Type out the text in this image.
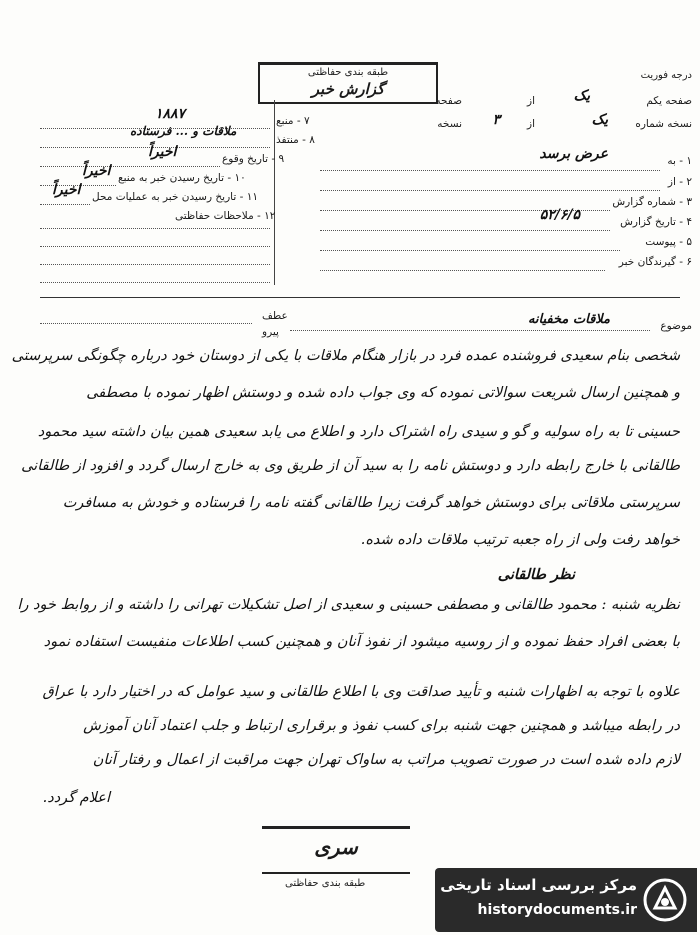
طبقه بندی حفاظتی
گزارش خبر
درجه فوریت
صفحه یکم
یک
از
صفحه
نسخه شماره
یک
از
۳
نسخه
۱ - به
عرض برسد
۲ - از
۳ - شماره گزارش
۴ - تاریخ گزارش
۵۲/۶/۵
۵ - پیوست
۶ - گیرندگان خبر
۷ - منبع
۱۸۸۷
۸ - منتفذ
ملاقات و ... فرستاده
۹ - تاریخ وقوع
اخیراً
۱۰ - تاریخ رسیدن خبر به منبع
اخیراً
۱۱ - تاریخ رسیدن خبر به عملیات محل
اخیراً
۱۲ - ملاحظات حفاظتی
موضوع
ملاقات مخفیانه
عطف
پیرو
شخصی بنام سعیدی فروشنده عمده فرد در بازار هنگام ملاقات با یکی از دوستان خود درباره چگونگی سرپرستی
و همچنین ارسال شریعت سوالاتی نموده که وی جواب داده شده و دوستش اظهار نموده با مصطفی
حسینی تا به راه سولیه و گو و سیدی راه اشتراک دارد و اطلاع می یابد سعیدی همین بیان داشته سید محمود
طالقانی با خارج رابطه دارد و دوستش نامه را به سید آن از طریق وی به خارج ارسال گردد و افزود از طالقانی
سرپرستی ملاقاتی برای دوستش خواهد گرفت زیرا طالقانی گفته نامه را فرستاده و خودش به مسافرت
خواهد رفت ولی از راه جعبه ترتیب ملاقات داده شده.
نظر طالقانی
نظریه شنبه : محمود طالقانی و مصطفی حسینی و سعیدی از اصل تشکیلات تهرانی را داشته و از روابط خود را
با بعضی افراد حفظ نموده و از روسیه میشود از نفوذ آنان و همچنین کسب اطلاعات منفیست استفاده نمود
علاوه با توجه به اظهارات شنبه و تأیید صداقت وی با اطلاع طالقانی و سید عوامل که در اختیار دارد با عراق
در رابطه میباشد و همچنین جهت شنبه برای کسب نفوذ و برقراری ارتباط و جلب اعتماد آنان آموزش
لازم داده شده است در صورت تصویب مراتب به ساواک تهران جهت مراقبت از اعمال و رفتار آنان
اعلام گردد.
سری
طبقه بندی حفاظتی	مرکز بررسی اسناد تاریخی
historydocuments.ir
